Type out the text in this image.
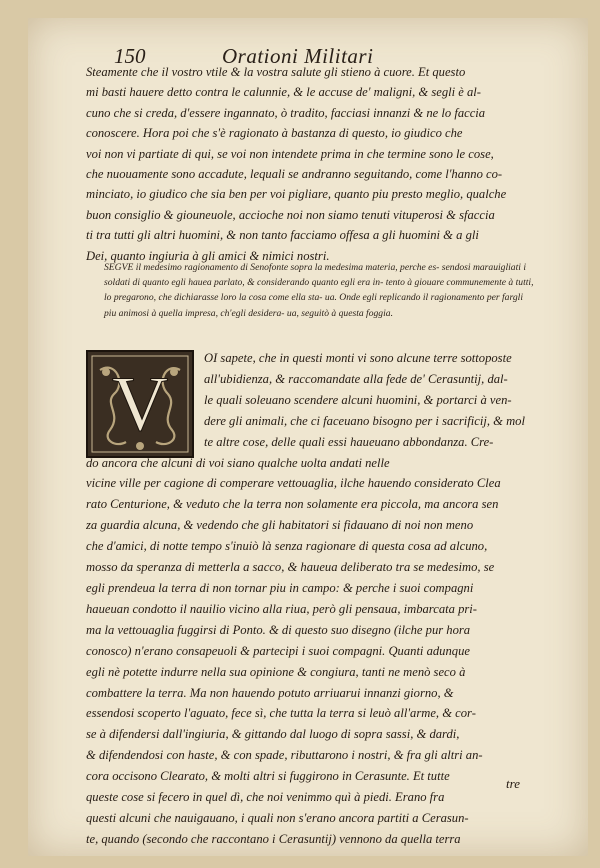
150	Orationi Militari
Steamente che il vostro vtile & la vostra salute gli stieno à cuore. Et questo
mi basti hauere detto contra le calunnie, & le accuse de' maligni, & segli è al-
cuno che si creda, d'essere ingannato, ò tradito, facciasi innanzi & ne lo faccia
conoscere. Hora poi che s'è ragionato à bastanza di questo, io giudico che
voi non vi partiate di qui, se voi non intendete prima in che termine sono le cose,
che nuouamente sono accadute, lequali se andranno seguitando, come l'hanno co-
minciato, io giudico che sia ben per voi pigliare, quanto piu presto meglio, qualche
buon consiglio & giouneuole, accioche noi non siamo tenuti vituperosi & sfaccia
ti tra tutti gli altri huomini, & non tanto facciamo offesa a gli huomini & a gli
Dei, quanto ingiuria à gli amici & nimici nostri.
SEGVE il medesimo ragionamento di Senofonte sopra la medesima materia, perche es- sendosi marauigliati i soldati di quanto egli hauea parlato, & considerando quanto egli era in- tento à giouare communemente à tutti, lo pregarono, che dichiarasse loro la cosa come ella sta- ua. Onde egli replicando il ragionamento per fargli piu animosi à quella impresa, ch'egli desidera- ua, seguitò à questa foggia.
V
OI sapete, che in questi monti vi sono alcune terre sottoposte
all'ubidienza, & raccomandate alla fede de' Cerasuntij, dal-
le quali soleuano scendere alcuni huomini, & portarci à ven-
dere gli animali, che ci faceuano bisogno per i sacrificij, & mol
te altre cose, delle quali essi haueuano abbondanza. Cre-
do ancora che alcuni di voi siano qualche uolta andati nelle
vicine ville per cagione di comperare vettouaglia, ilche hauendo considerato Clea
rato Centurione, & veduto che la terra non solamente era piccola, ma ancora sen
za guardia alcuna, & vedendo che gli habitatori si fidauano di noi non meno
che d'amici, di notte tempo s'inuiò là senza ragionare di questa cosa ad alcuno,
mosso da speranza di metterla a sacco, & haueua deliberato tra se medesimo, se
egli prendeua la terra di non tornar piu in campo: & perche i suoi compagni
haueuan condotto il nauilio vicino alla riua, però gli pensaua, imbarcata pri-
ma la vettouaglia fuggirsi di Ponto. & di questo suo disegno (ilche pur hora
conosco) n'erano consapeuoli & partecipi i suoi compagni. Quanti adunque
egli nè potette indurre nella sua opinione & congiura, tanti ne menò seco à
combattere la terra. Ma non hauendo potuto arriuarui innanzi giorno, &
essendosi scoperto l'aguato, fece sì, che tutta la terra si leuò all'arme, & cor-
se à difendersi dall'ingiuria, & gittando dal luogo di sopra sassi, & dardi,
& difendendosi con haste, & con spade, ributtarono i nostri, & fra gli altri an-
cora occisono Clearato, & molti altri si fuggirono in Cerasunte. Et tutte
queste cose si fecero in quel dì, che noi venimmo quì à piedi. Erano fra
questi alcuni che nauigauano, i quali non s'erano ancora partiti a Cerasun-
te, quando (secondo che raccontano i Cerasuntij) vennono da quella terra
tre
